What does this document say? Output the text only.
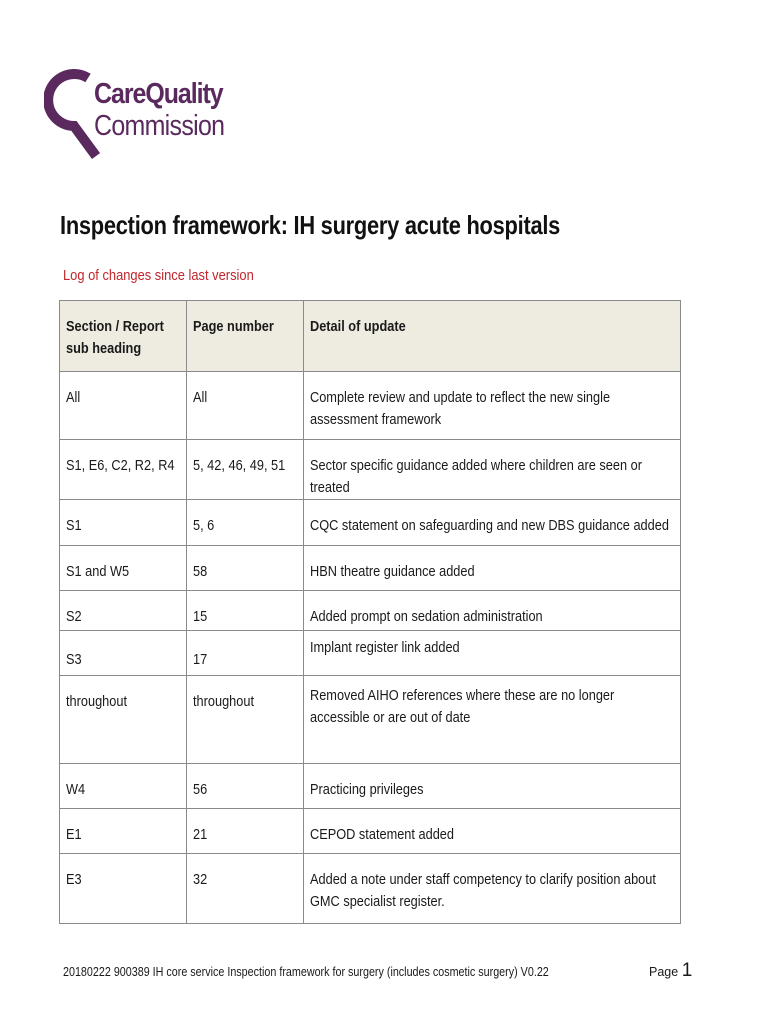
CareQuality
Commission
Inspection framework: IH surgery acute hospitals
Log of changes since last version
Section / Report sub heading	Page number	Detail of update

All	All	Complete review and update to reflect the new single assessment framework

S1, E6, C2, R2, R4	5, 42, 46, 49, 51	Sector specific guidance added where children are seen or treated

S1	5, 6	CQC statement on safeguarding and new DBS guidance added

S1 and W5	58	HBN theatre guidance added

S2	15	Added prompt on sedation administration

S3	17	Implant register link added

throughout	throughout	Removed AIHO references where these are no longer accessible or are out of date

W4	56	Practicing privileges

E1	21	CEPOD statement added

E3	32	Added a note under staff competency to clarify position about GMC specialist register.
20180222 900389 IH core service Inspection framework for surgery (includes cosmetic surgery) V0.22	Page 1
